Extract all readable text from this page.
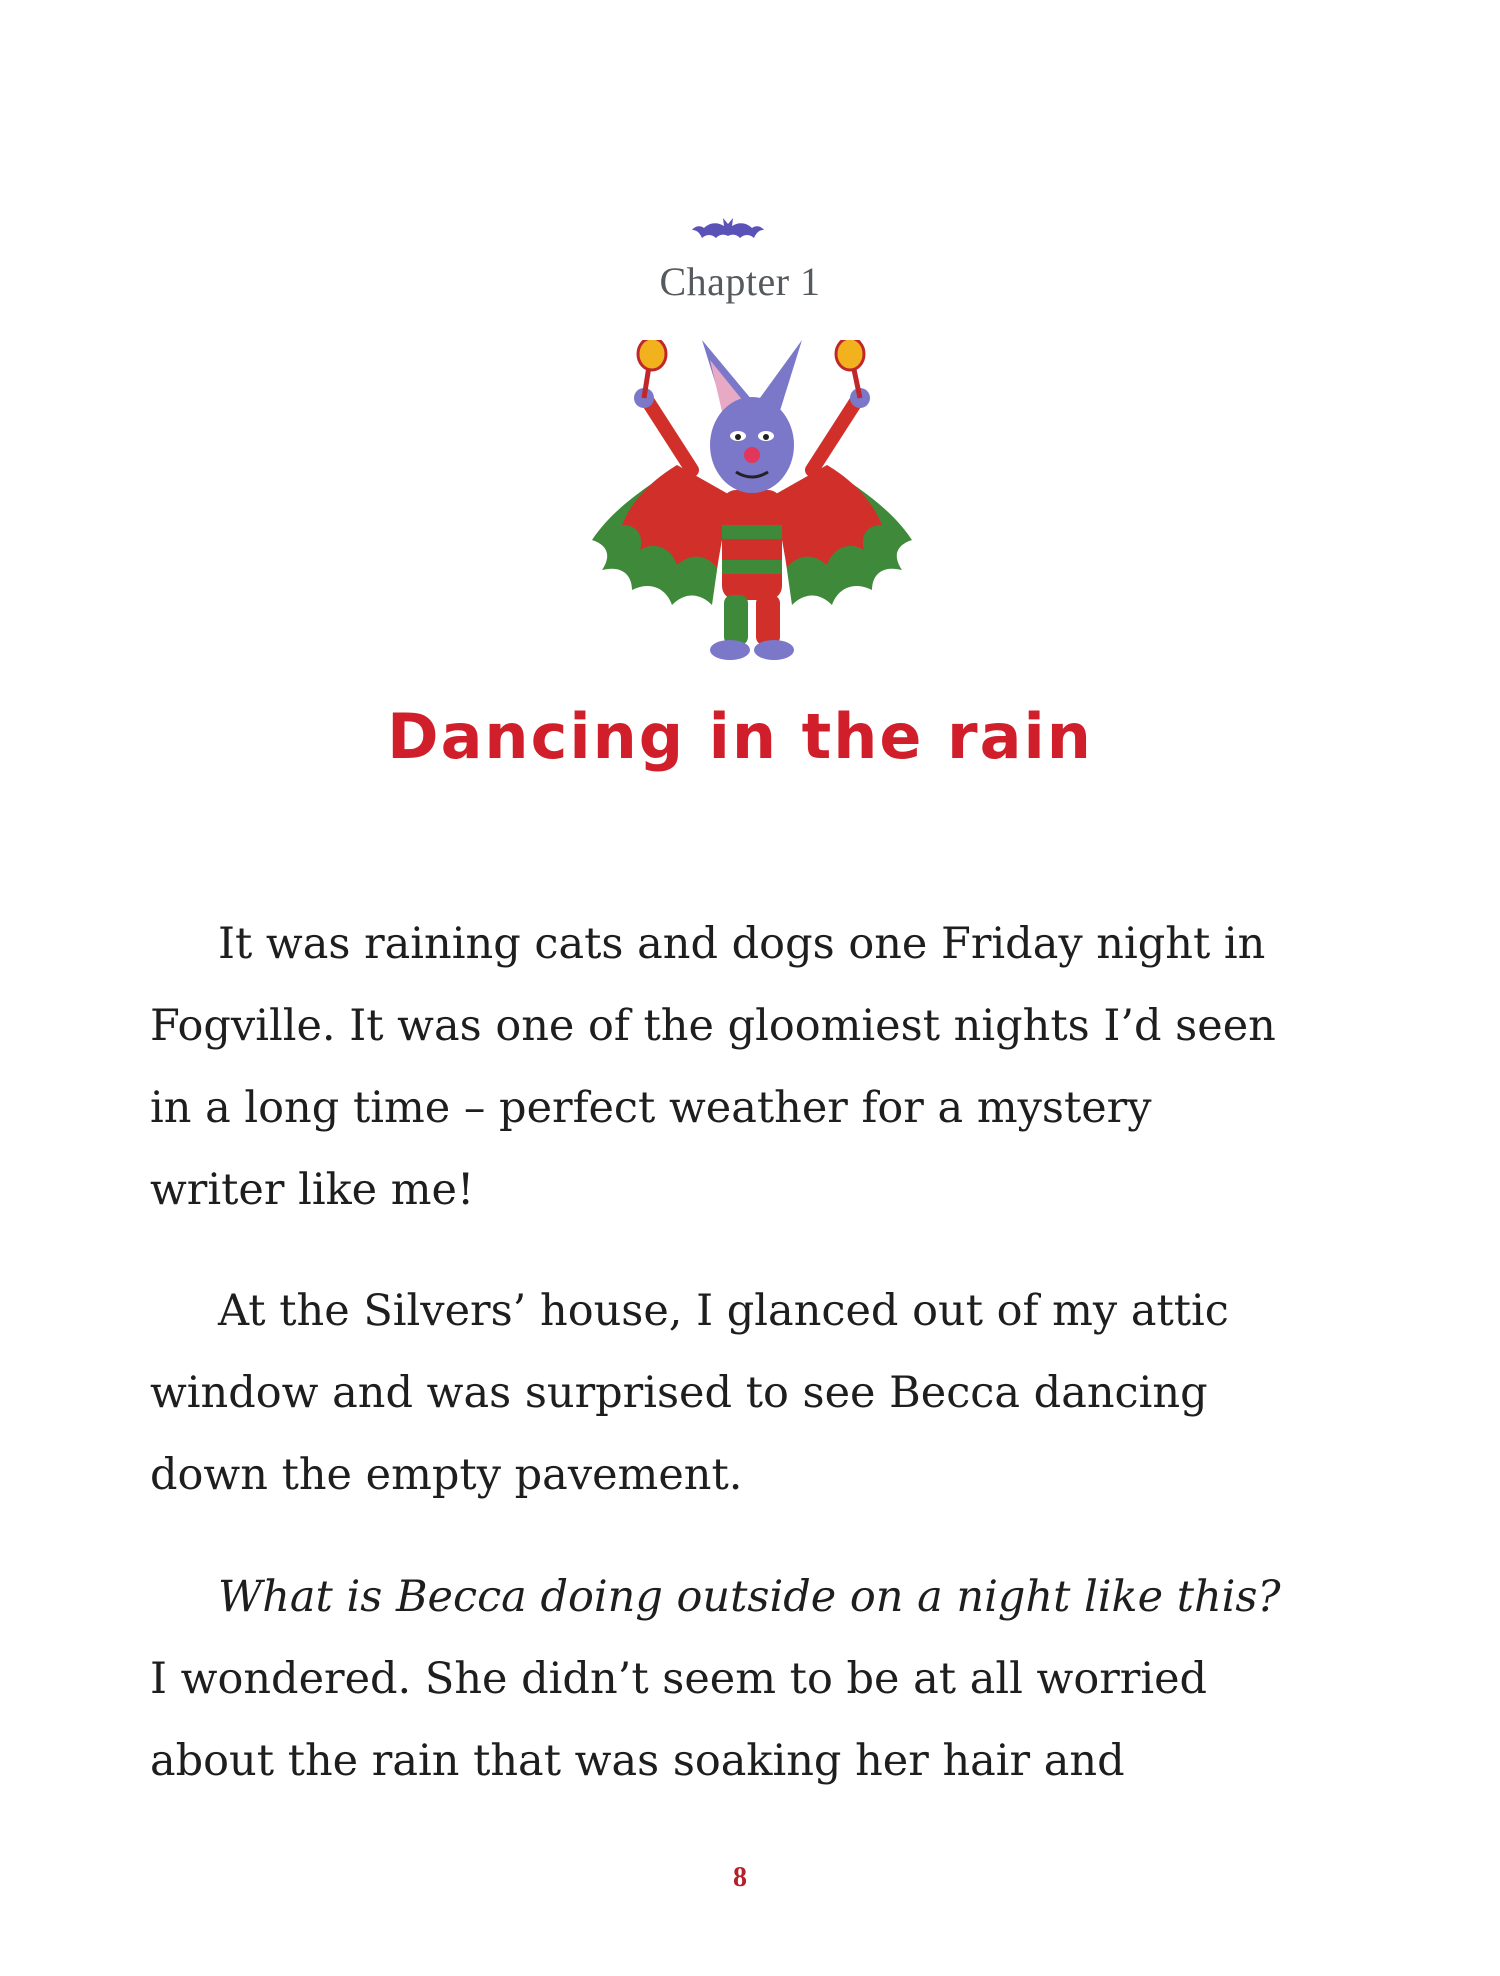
Chapter 1
Dancing in the rain

It was raining cats and dogs one Friday night in Fogville. It was one of the gloomiest nights I’d seen in a long time – perfect weather for a mystery writer like me!

At the Silvers’ house, I glanced out of my attic window and was surprised to see Becca dancing down the empty pavement.

What is Becca doing outside on a night like this?
I wondered. She didn’t seem to be at all worried about the rain that was soaking her hair and

8
